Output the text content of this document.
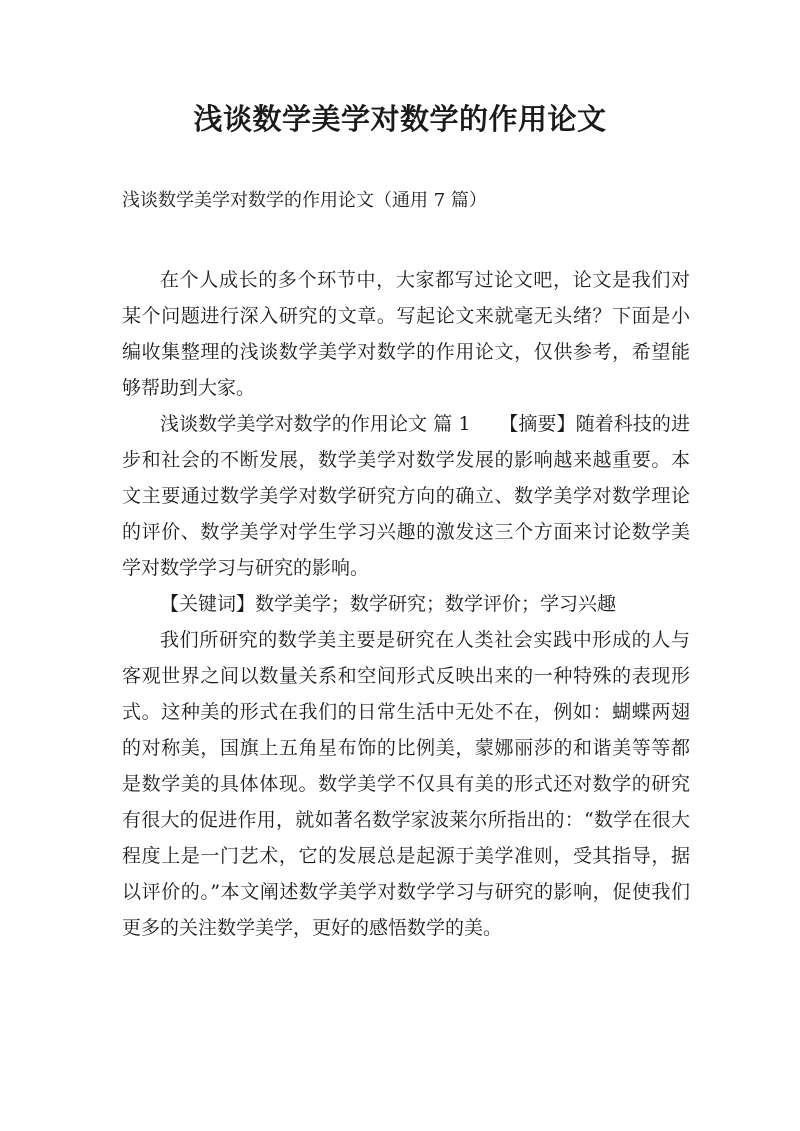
浅谈数学美学对数学的作用论文

浅谈数学美学对数学的作用论文（通用 7 篇）

在个人成长的多个环节中，大家都写过论文吧，论文是我们对某个问题进行深入研究的文章。写起论文来就毫无头绪？下面是小编收集整理的浅谈数学美学对数学的作用论文，仅供参考，希望能够帮助到大家。

浅谈数学美学对数学的作用论文 篇 1　　【摘要】随着科技的进步和社会的不断发展，数学美学对数学发展的影响越来越重要。本文主要通过数学美学对数学研究方向的确立、数学美学对数学理论的评价、数学美学对学生学习兴趣的激发这三个方面来讨论数学美学对数学学习与研究的影响。

【关键词】数学美学；数学研究；数学评价；学习兴趣

我们所研究的数学美主要是研究在人类社会实践中形成的人与客观世界之间以数量关系和空间形式反映出来的一种特殊的表现形式。这种美的形式在我们的日常生活中无处不在，例如：蝴蝶两翅的对称美，国旗上五角星布饰的比例美，蒙娜丽莎的和谐美等等都是数学美的具体体现。数学美学不仅具有美的形式还对数学的研究有很大的促进作用，就如著名数学家波莱尔所指出的：“数学在很大程度上是一门艺术，它的发展总是起源于美学准则，受其指导，据以评价的。”本文阐述数学美学对数学学习与研究的影响，促使我们更多的关注数学美学，更好的感悟数学的美。
